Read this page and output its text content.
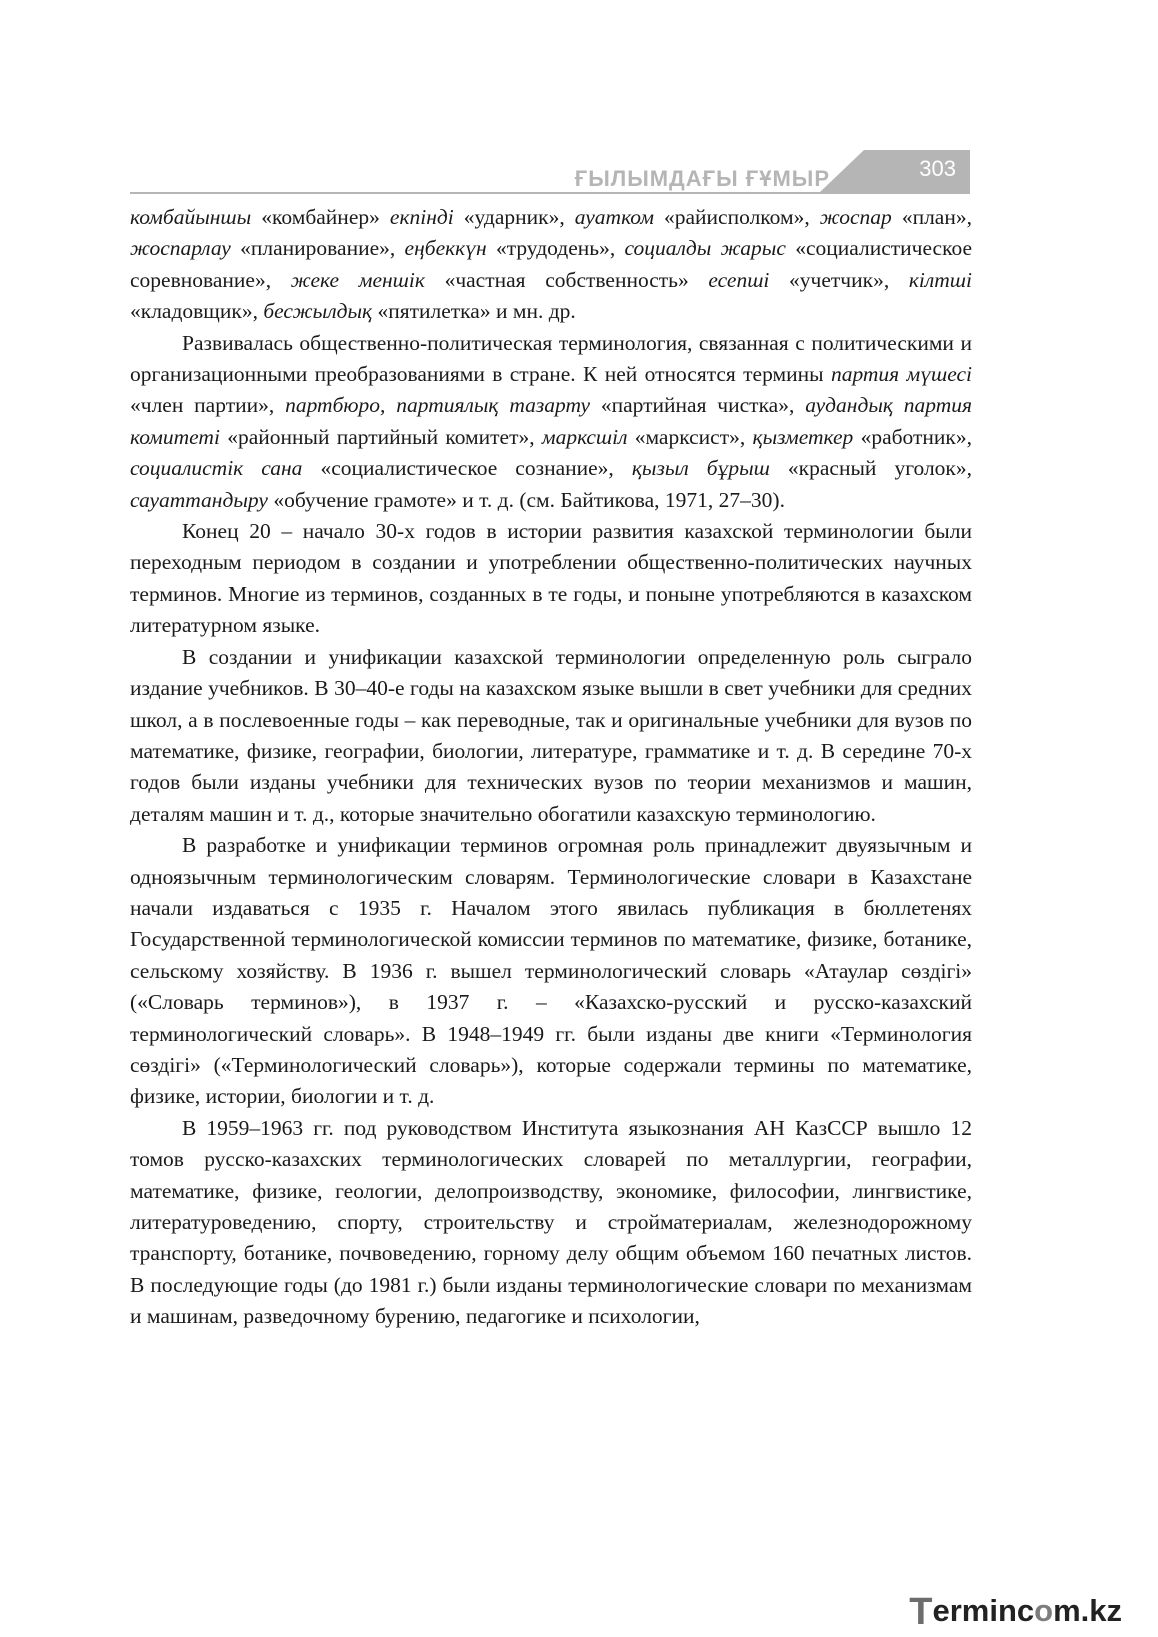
ҒЫЛЫМДАҒЫ ҒҰМЫР	303

комбайыншы «комбайнер» екпінді «ударник», ауатком «райисполком», жоспар «план», жоспарлау «планирование», еңбеккүн «трудодень», социалды жарыс «социалистическое соревнование», жеке меншік «частная собственность» есепші «учетчик», кілтші «кладовщик», бесжылдық «пятилетка» и мн. др.

Развивалась общественно-политическая терминология, связанная с политическими и организационными преобразованиями в стране. К ней относятся термины партия мүшесі «член партии», партбюро, партиялық тазарту «партийная чистка», аудандық партия комитеті «районный партийный комитет», марксшіл «марксист», қызметкер «работник», социалистік сана «социалистическое сознание», қызыл бұрыш «красный уголок», сауаттандыру «обучение грамоте» и т. д. (см. Байтикова, 1971, 27–30).

Конец 20 – начало 30-х годов в истории развития казахской терминологии были переходным периодом в создании и употреблении общественно-политических научных терминов. Многие из терминов, созданных в те годы, и поныне употребляются в казахском литературном языке.

В создании и унификации казахской терминологии определенную роль сыграло издание учебников. В 30–40-е годы на казахском языке вышли в свет учебники для средних школ, а в послевоенные годы – как переводные, так и оригинальные учебники для вузов по математике, физике, географии, биологии, литературе, грамматике и т. д. В середине 70-х годов были изданы учебники для технических вузов по теории механизмов и машин, деталям машин и т. д., которые значительно обогатили казахскую терминологию.

В разработке и унификации терминов огромная роль принадлежит двуязычным и одноязычным терминологическим словарям. Терминологические словари в Казахстане начали издаваться с 1935 г. Началом этого явилась публикация в бюллетенях Государственной терминологической комиссии терминов по математике, физике, ботанике, сельскому хозяйству. В 1936 г. вышел терминологический словарь «Атаулар сөздігі» («Словарь терминов»), в 1937 г. – «Казахско-русский и русско-казахский терминологический словарь». В 1948–1949 гг. были изданы две книги «Терминология сөздігі» («Терминологический словарь»), которые содержали термины по математике, физике, истории, биологии и т. д.

В 1959–1963 гг. под руководством Института языкознания АН КазССР вышло 12 томов русско-казахских терминологических словарей по металлургии, географии, математике, физике, геологии, делопроизводству, экономике, философии, лингвистике, литературоведению, спорту, строительству и стройматериалам, железнодорожному транспорту, ботанике, почвоведению, горному делу общим объемом 160 печатных листов. В последующие годы (до 1981 г.) были изданы терминологические словари по механизмам и машинам, разведочному бурению, педагогике и психологии,

Termincom.kz
